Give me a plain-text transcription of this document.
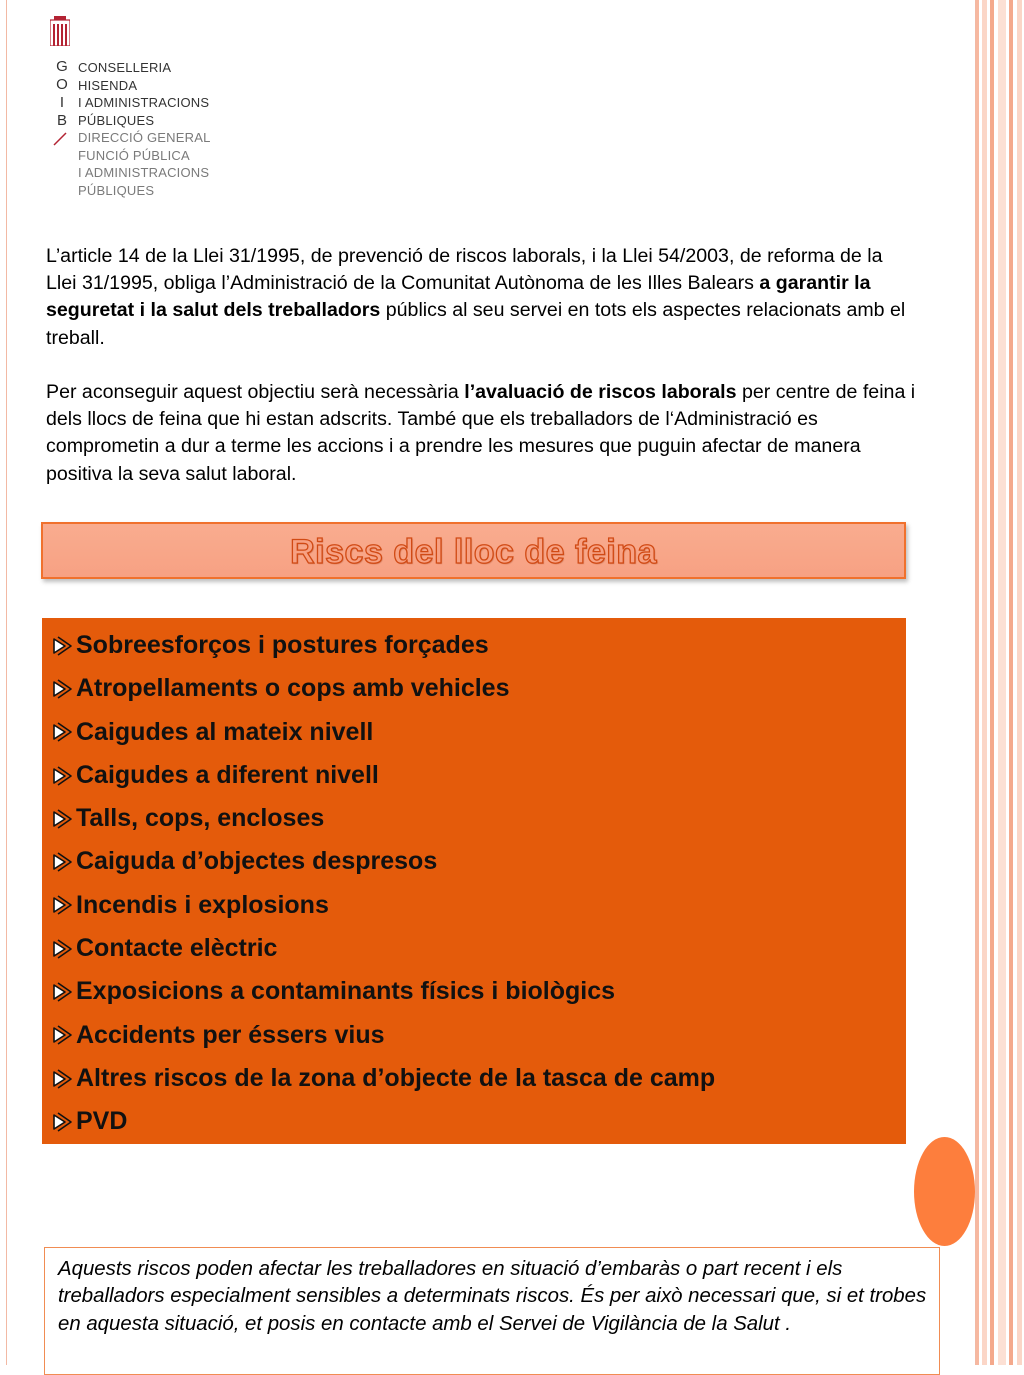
G
O
I
B
CONSELLERIA
HISENDA
I ADMINISTRACIONS
PÚBLIQUES
DIRECCIÓ GENERAL
FUNCIÓ PÚBLICA
I ADMINISTRACIONS
PÚBLIQUES

L’article 14 de la Llei 31/1995, de prevenció de riscos laborals, i la Llei 54/2003, de reforma de la Llei 31/1995, obliga l’Administració de la Comunitat Autònoma de les Illes Balears a garantir la seguretat i la salut dels treballadors públics al seu servei en tots els aspectes relacionats amb el treball.

Per aconseguir aquest objectiu serà necessària l’avaluació de riscos laborals per centre de feina i dels llocs de feina que hi estan adscrits. També que els treballadors de l‘Administració es comprometin a dur a terme les accions i a prendre les mesures que puguin afectar de manera positiva la seva salut laboral.

Riscs del lloc de feina
Sobreesforços i postures forçades
Atropellaments o cops amb vehicles
Caigudes al mateix nivell
Caigudes a diferent nivell
Talls, cops, encloses
Caiguda d’objectes despresos
Incendis i explosions
Contacte elèctric
Exposicions a contaminants físics i biològics
Accidents per éssers vius
Altres riscos de la zona d’objecte de la tasca de camp
PVD

Aquests riscos poden afectar les treballadores en situació d’embaràs o part recent i els treballadors especialment sensibles a determinats riscos. És per això necessari que, si et trobes en aquesta situació, et posis en contacte amb el Servei de Vigilància de la Salut .
